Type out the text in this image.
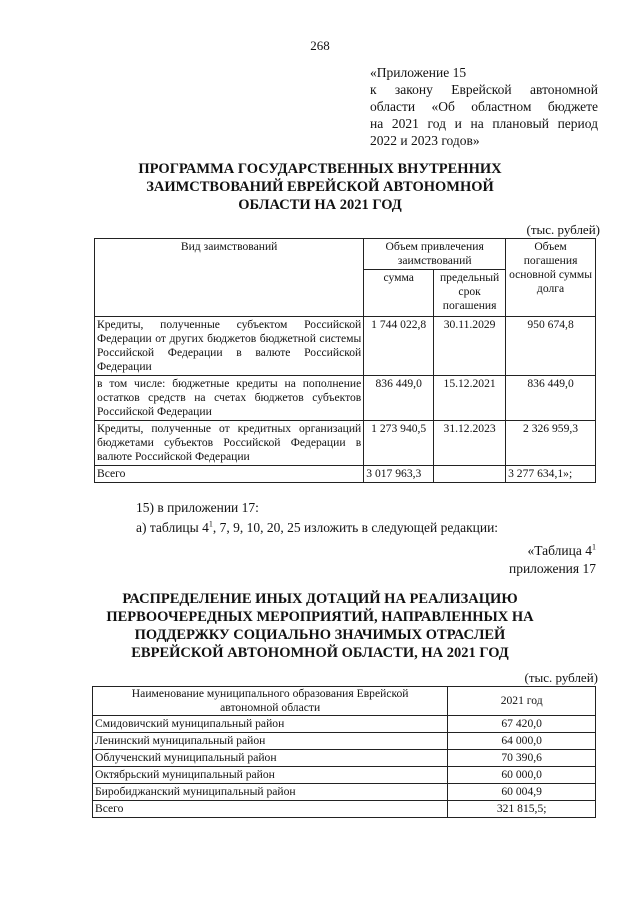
268
«Приложение 15
к закону Еврейской автономной
области «Об областном бюджете
на 2021 год и на плановый период
2022 и 2023 годов»
ПРОГРАММА ГОСУДАРСТВЕННЫХ ВНУТРЕННИХ
ЗАИМСТВОВАНИЙ ЕВРЕЙСКОЙ АВТОНОМНОЙ
ОБЛАСТИ НА 2021 ГОД
(тыс. рублей)
Вид заимствований	Объем привлечения заимствований		Объем погашения основной суммы долга
	сумма	предельный срок погашения	
Кредиты, полученные субъектом Российской Федерации от других бюджетов бюджетной системы Российской Федерации в валюте Российской Федерации	1 744 022,8	30.11.2029	950 674,8
в том числе: бюджетные кредиты на пополнение остатков средств на счетах бюджетов субъектов Российской Федерации	836 449,0	15.12.2021	836 449,0
Кредиты, полученные от кредитных организаций бюджетами субъектов Российской Федерации в валюте Российской Федерации	1 273 940,5	31.12.2023	2 326 959,3
Всего	3 017 963,3		3 277 634,1»;
15) в приложении 17:
а) таблицы $4^1$, 7, 9, 10, 20, 25 изложить в следующей редакции:
«Таблица $4^1$
приложения 17
РАСПРЕДЕЛЕНИЕ ИНЫХ ДОТАЦИЙ НА РЕАЛИЗАЦИЮ
ПЕРВООЧЕРЕДНЫХ МЕРОПРИЯТИЙ, НАПРАВЛЕННЫХ НА
ПОДДЕРЖКУ СОЦИАЛЬНО ЗНАЧИМЫХ ОТРАСЛЕЙ
ЕВРЕЙСКОЙ АВТОНОМНОЙ ОБЛАСТИ, НА 2021 ГОД
(тыс. рублей)
Наименование муниципального образования Еврейской автономной области	2021 год
Смидовичский муниципальный район	67 420,0
Ленинский муниципальный район	64 000,0
Облученский муниципальный район	70 390,6
Октябрьский муниципальный район	60 000,0
Биробиджанский муниципальный район	60 004,9
Всего	321 815,5;
